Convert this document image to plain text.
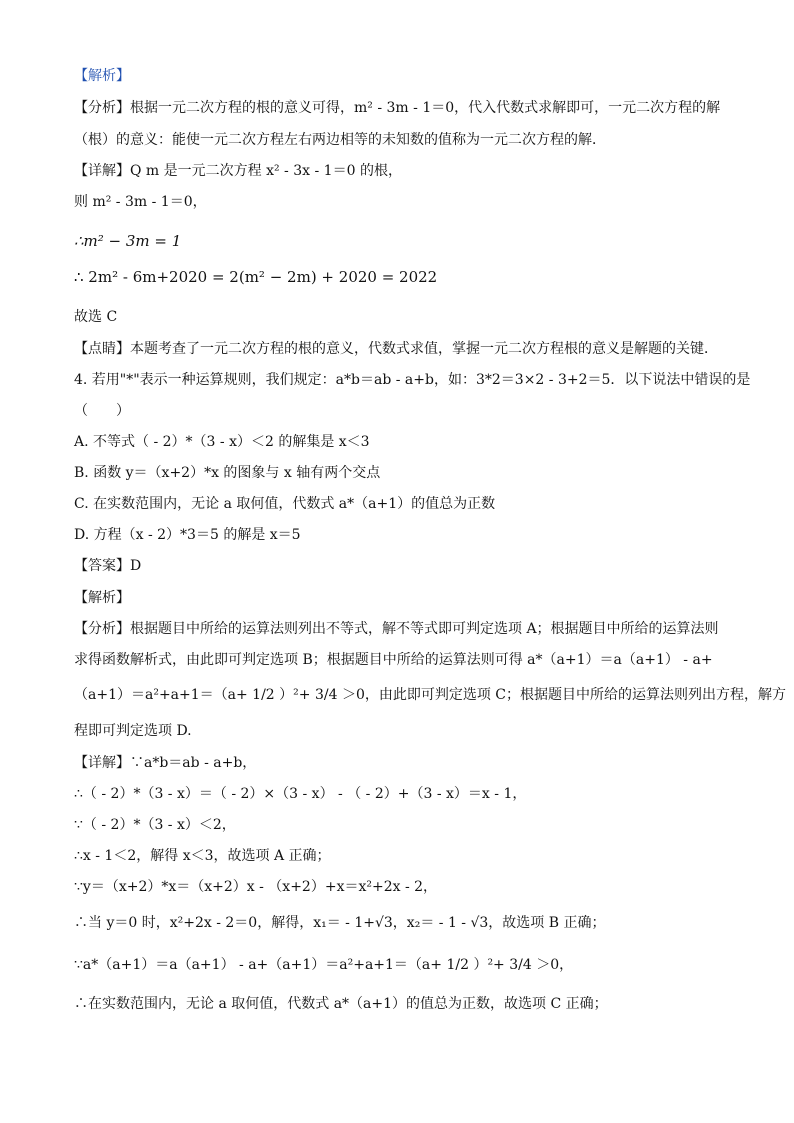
【解析】
【分析】根据一元二次方程的根的意义可得，m² - 3m - 1＝0，代入代数式求解即可，一元二次方程的解
（根）的意义：能使一元二次方程左右两边相等的未知数的值称为一元二次方程的解．
【详解】Q m 是一元二次方程 x² - 3x - 1＝0 的根，
则 m² - 3m - 1＝0，
∴m² − 3m = 1
∴ 2m² - 6m+2020 = 2(m² − 2m) + 2020 = 2022
故选 C
【点睛】本题考查了一元二次方程的根的意义，代数式求值，掌握一元二次方程根的意义是解题的关键．
4. 若用"*"表示一种运算规则，我们规定：a*b＝ab - a+b，如：3*2＝3×2 - 3+2＝5．以下说法中错误的是
（　　）
A. 不等式（ - 2）*（3 - x）＜2 的解集是 x＜3
B. 函数 y＝（x+2）*x 的图象与 x 轴有两个交点
C. 在实数范围内，无论 a 取何值，代数式 a*（a+1）的值总为正数
D. 方程（x - 2）*3＝5 的解是 x＝5
【答案】D
【解析】
【分析】根据题目中所给的运算法则列出不等式，解不等式即可判定选项 A；根据题目中所给的运算法则
求得函数解析式，由此即可判定选项 B；根据题目中所给的运算法则可得 a*（a+1）＝a（a+1） - a+
（a+1）＝a²+a+1＝（a+ 1/2 ）²+ 3/4 ＞0，由此即可判定选项 C；根据题目中所给的运算法则列出方程，解方
程即可判定选项 D.
【详解】∵a*b＝ab - a+b，
∴（ - 2）*（3 - x）＝（ - 2）×（3 - x） - （ - 2）+（3 - x）＝x - 1，
∵（ - 2）*（3 - x）＜2，
∴x - 1＜2，解得 x＜3，故选项 A 正确；
∵y＝（x+2）*x＝（x+2）x - （x+2）+x＝x²+2x - 2，
∴当 y＝0 时，x²+2x - 2＝0，解得，x₁＝ - 1+√3，x₂＝ - 1 - √3，故选项 B 正确；
∵a*（a+1）＝a（a+1） - a+（a+1）＝a²+a+1＝（a+ 1/2 ）²+ 3/4 ＞0，
∴在实数范围内，无论 a 取何值，代数式 a*（a+1）的值总为正数，故选项 C 正确；
